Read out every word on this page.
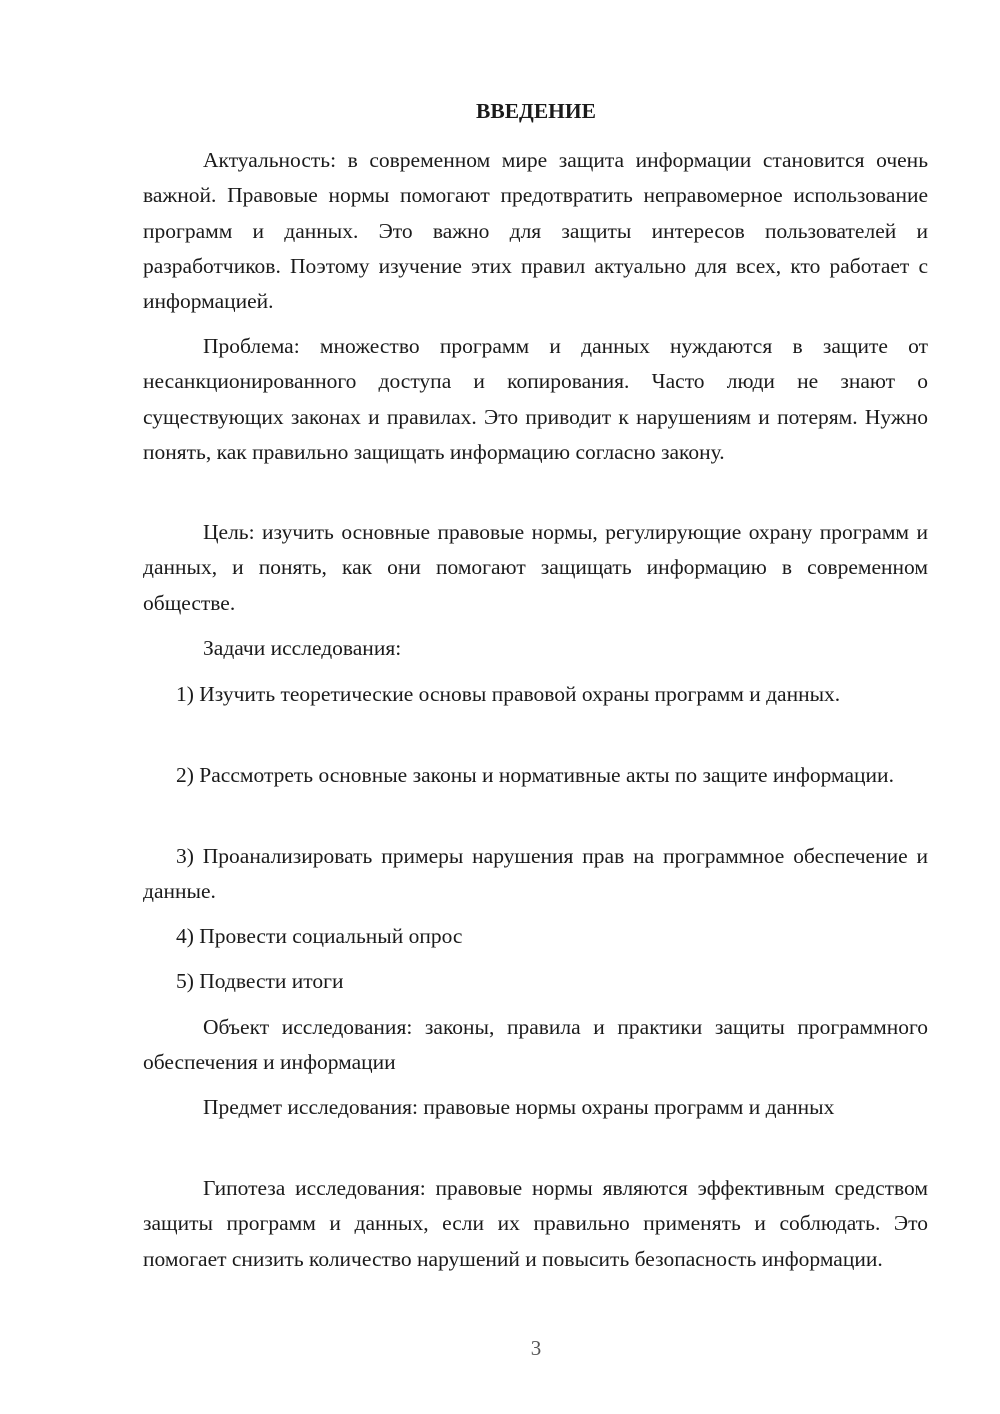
ВВЕДЕНИЕ

Актуальность: в современном мире защита информации становится очень важной. Правовые нормы помогают предотвратить неправомерное использование программ и данных. Это важно для защиты интересов пользователей и разработчиков. Поэтому изучение этих правил актуально для всех, кто работает с информацией.

Проблема: множество программ и данных нуждаются в защите от несанкционированного доступа и копирования. Часто люди не знают о существующих законах и правилах. Это приводит к нарушениям и потерям. Нужно понять, как правильно защищать информацию согласно закону.

Цель: изучить основные правовые нормы, регулирующие охрану программ и данных, и понять, как они помогают защищать информацию в современном обществе.

Задачи исследования:

1) Изучить теоретические основы правовой охраны программ и данных.

2) Рассмотреть основные законы и нормативные акты по защите информации.

3) Проанализировать примеры нарушения прав на программное обеспечение и данные.

4) Провести социальный опрос

5) Подвести итоги

Объект исследования: законы, правила и практики защиты программного обеспечения и информации

Предмет исследования: правовые нормы охраны программ и данных

Гипотеза исследования: правовые нормы являются эффективным средством защиты программ и данных, если их правильно применять и соблюдать. Это помогает снизить количество нарушений и повысить безопасность информации.

3
